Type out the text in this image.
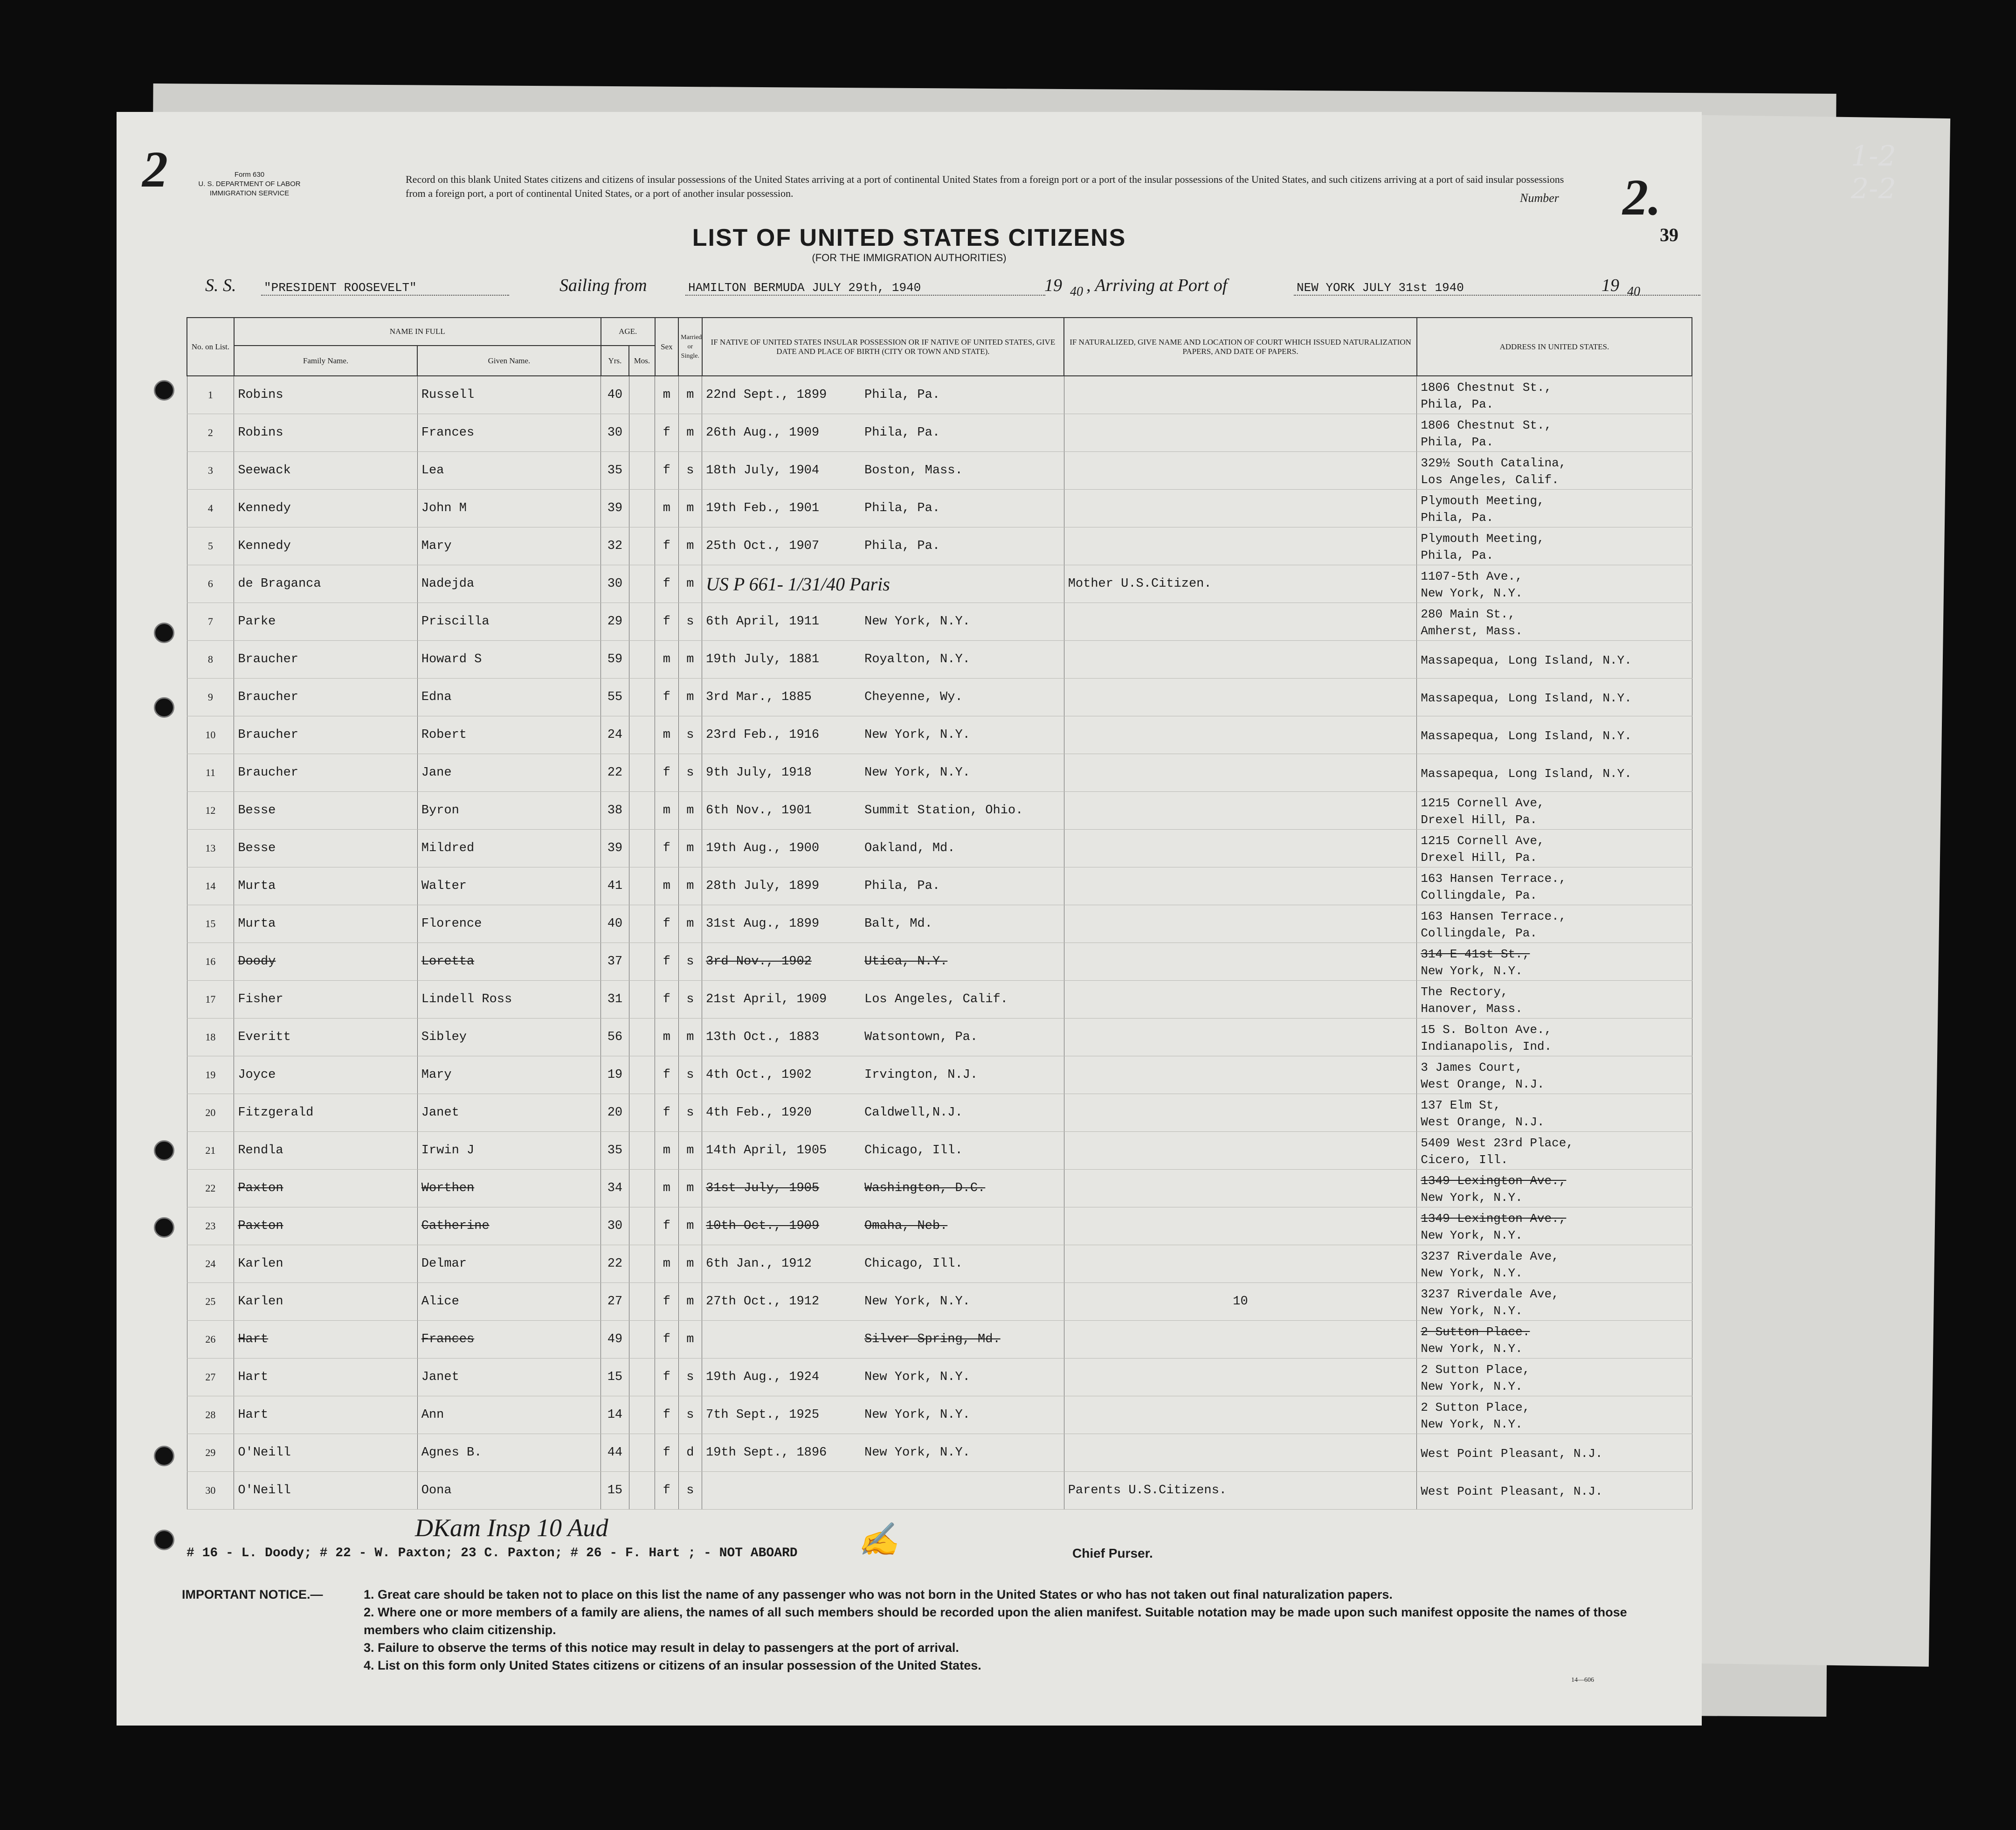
1-2
2-2
2	Form 630
U. S. DEPARTMENT OF LABOR
IMMIGRATION SERVICE
Record on this blank United States citizens and citizens of insular possessions of the United States arriving at a port of continental United States from a foreign port or a port of the insular possessions of the United States, and such citizens arriving at a port of said insular possessions from a foreign port, a port of continental United States, or a port of another insular possession.	Number 2.
39
LIST OF UNITED STATES CITIZENS
(FOR THE IMMIGRATION AUTHORITIES)
S. S. "PRESIDENT ROOSEVELT"	Sailing from	HAMILTON BERMUDA JULY 29th, 1940	19 40 , Arriving at Port of	NEW YORK JULY 31st 1940	19 40
No. on List.	NAME IN FULL		AGE.		Sex	Married or Single.	IF NATIVE OF UNITED STATES INSULAR POSSESSION OR IF NATIVE OF UNITED STATES, GIVE DATE AND PLACE OF BIRTH (CITY OR TOWN AND STATE).	IF NATURALIZED, GIVE NAME AND LOCATION OF COURT WHICH ISSUED NATURALIZATION PAPERS, AND DATE OF PAPERS.	ADDRESS IN UNITED STATES.
	Family Name.	Given Name.	Yrs.	Mos.					
1	Robins	Russell	40		m	m	22nd Sept., 1899 Phila, Pa.		1806 Chestnut St.,
Phila, Pa.

2	Robins	Frances	30		f	m	26th Aug., 1909 Phila, Pa.		1806 Chestnut St.,
Phila, Pa.

3	Seewack	Lea	35		f	s	18th July, 1904 Boston, Mass.		329½ South Catalina,
Los Angeles, Calif.

4	Kennedy	John M	39		m	m	19th Feb., 1901 Phila, Pa.		Plymouth Meeting,
Phila, Pa.

5	Kennedy	Mary	32		f	m	25th Oct., 1907 Phila, Pa.		Plymouth Meeting,
Phila, Pa.

6	de Braganca	Nadejda	30		f	m	US P 661- 1/31/40 Paris	Mother U.S.Citizen.	1107-5th Ave.,
New York, N.Y.

7	Parke	Priscilla	29		f	s	6th April, 1911 New York, N.Y.		280 Main St.,
Amherst, Mass.

8	Braucher	Howard S	59		m	m	19th July, 1881 Royalton, N.Y.		Massapequa, Long Island, N.Y.

9	Braucher	Edna	55		f	m	3rd Mar., 1885 Cheyenne, Wy.		Massapequa, Long Island, N.Y.

10	Braucher	Robert	24		m	s	23rd Feb., 1916 New York, N.Y.		Massapequa, Long Island, N.Y.

11	Braucher	Jane	22		f	s	9th July, 1918 New York, N.Y.		Massapequa, Long Island, N.Y.

12	Besse	Byron	38		m	m	6th Nov., 1901 Summit Station, Ohio.		1215 Cornell Ave,
Drexel Hill, Pa.

13	Besse	Mildred	39		f	m	19th Aug., 1900 Oakland, Md.		1215 Cornell Ave,
Drexel Hill, Pa.

14	Murta	Walter	41		m	m	28th July, 1899 Phila, Pa.		163 Hansen Terrace.,
Collingdale, Pa.

15	Murta	Florence	40		f	m	31st Aug., 1899 Balt, Md.		163 Hansen Terrace.,
Collingdale, Pa.

16	Doody	Loretta	37		f	s	3rd Nov., 1902 Utica, N.Y.		314 E 41st St.,
New York, N.Y.

17	Fisher	Lindell Ross	31		f	s	21st April, 1909 Los Angeles, Calif.		The Rectory,
Hanover, Mass.

18	Everitt	Sibley	56		m	m	13th Oct., 1883 Watsontown, Pa.		15 S. Bolton Ave.,
Indianapolis, Ind.

19	Joyce	Mary	19		f	s	4th Oct., 1902 Irvington, N.J.		3 James Court,
West Orange, N.J.

20	Fitzgerald	Janet	20		f	s	4th Feb., 1920 Caldwell,N.J.		137 Elm St,
West Orange, N.J.

21	Rendla	Irwin J	35		m	m	14th April, 1905 Chicago, Ill.		5409 West 23rd Place,
Cicero, Ill.

22	Paxton	Worthen	34		m	m	31st July, 1905 Washington, D.C.		1349 Lexington Ave.,
New York, N.Y.

23	Paxton	Catherine	30		f	m	10th Oct., 1909 Omaha, Neb.		1349 Lexington Ave.,
New York, N.Y.

24	Karlen	Delmar	22		m	m	6th Jan., 1912 Chicago, Ill.		3237 Riverdale Ave,
New York, N.Y.

25	Karlen	Alice	27		f	m	27th Oct., 1912 New York, N.Y.	10	3237 Riverdale Ave,
New York, N.Y.

26	Hart	Frances	49		f	m	Silver Spring, Md.		2 Sutton Place.
New York, N.Y.

27	Hart	Janet	15		f	s	19th Aug., 1924 New York, N.Y.		2 Sutton Place,
New York, N.Y.

28	Hart	Ann	14		f	s	7th Sept., 1925 New York, N.Y.		2 Sutton Place,
New York, N.Y.

29	O'Neill	Agnes B.	44		f	d	19th Sept., 1896 New York, N.Y.		West Point Pleasant, N.J.

30	O'Neill	Oona	15		f	s		Parents U.S.Citizens.	West Point Pleasant, N.J.
DKam Insp 10 Aud
# 16 - L. Doody; # 22 - W. Paxton; 23 C. Paxton; # 26 - F. Hart ; - NOT ABOARD ✍	Chief Purser.
IMPORTANT NOTICE.—	1. Great care should be taken not to place on this list the name of any passenger who was not born in the United States or who has not taken out final naturalization papers.
2. Where one or more members of a family are aliens, the names of all such members should be recorded upon the alien manifest. Suitable notation may be made upon such manifest opposite the names of those members who claim citizenship.
3. Failure to observe the terms of this notice may result in delay to passengers at the port of arrival.
4. List on this form only United States citizens or citizens of an insular possession of the United States.
14—606
